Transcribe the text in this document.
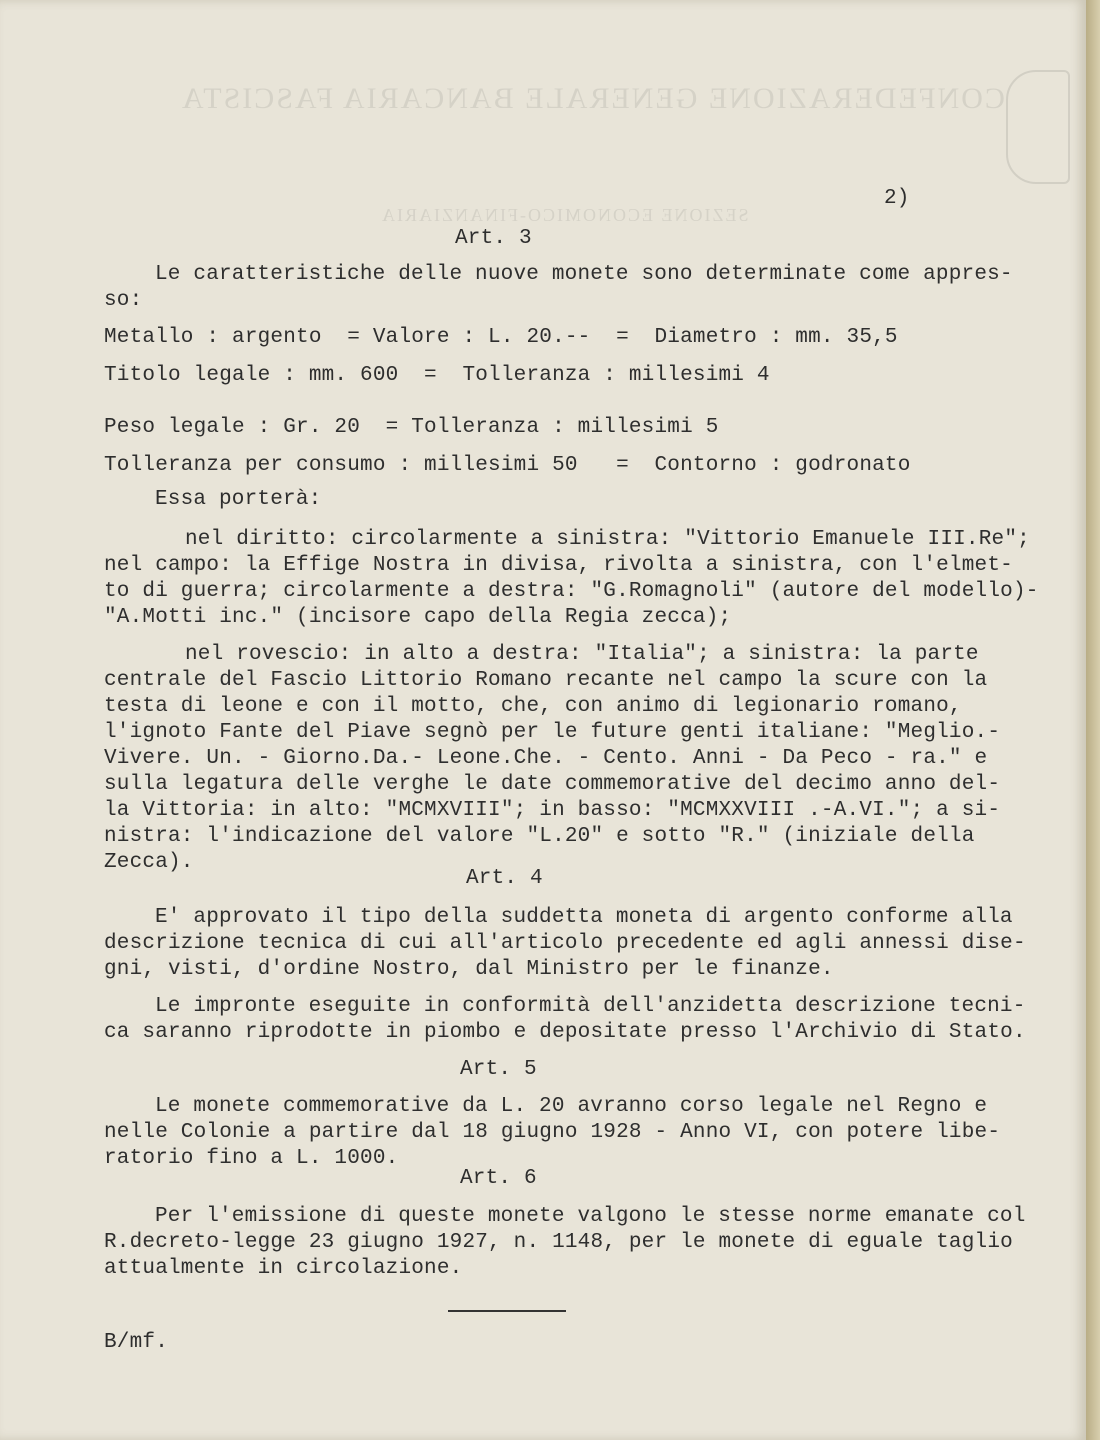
CONFEDERAZIONE GENERALE BANCARIA FASCISTA
SEZIONE ECONOMICO-FINANZIARIA

2)

Art. 3

Le caratteristiche delle nuove monete sono determinate come appres-

so:

Metallo : argento  = Valore : L. 20.--  =  Diametro : mm. 35,5

Titolo legale : mm. 600  =  Tolleranza : millesimi 4

Peso legale : Gr. 20  = Tolleranza : millesimi 5

Tolleranza per consumo : millesimi 50   =  Contorno : godronato

Essa porterà:

nel diritto: circolarmente a sinistra: "Vittorio Emanuele III.Re";

nel campo: la Effige Nostra in divisa, rivolta a sinistra, con l'elmet-

to di guerra; circolarmente a destra: "G.Romagnoli" (autore del modello)-

"A.Motti inc." (incisore capo della Regia zecca);

nel rovescio: in alto a destra: "Italia"; a sinistra: la parte

centrale del Fascio Littorio Romano recante nel campo la scure con la

testa di leone e con il motto, che, con animo di legionario romano,

l'ignoto Fante del Piave segnò per le future genti italiane: "Meglio.-

Vivere. Un. - Giorno.Da.- Leone.Che. - Cento. Anni - Da Peco - ra." e

sulla legatura delle verghe le date commemorative del decimo anno del-

la Vittoria: in alto: "MCMXVIII"; in basso: "MCMXXVIII .-A.VI."; a si-

nistra: l'indicazione del valore "L.20" e sotto "R." (iniziale della

Zecca).

Art. 4

E' approvato il tipo della suddetta moneta di argento conforme alla

descrizione tecnica di cui all'articolo precedente ed agli annessi dise-

gni, visti, d'ordine Nostro, dal Ministro per le finanze.

Le impronte eseguite in conformità dell'anzidetta descrizione tecni-

ca saranno riprodotte in piombo e depositate presso l'Archivio di Stato.

Art. 5

Le monete commemorative da L. 20 avranno corso legale nel Regno e

nelle Colonie a partire dal 18 giugno 1928 - Anno VI, con potere libe-

ratorio fino a L. 1000.

Art. 6

Per l'emissione di queste monete valgono le stesse norme emanate col

R.decreto-legge 23 giugno 1927, n. 1148, per le monete di eguale taglio

attualmente in circolazione.

B/mf.
